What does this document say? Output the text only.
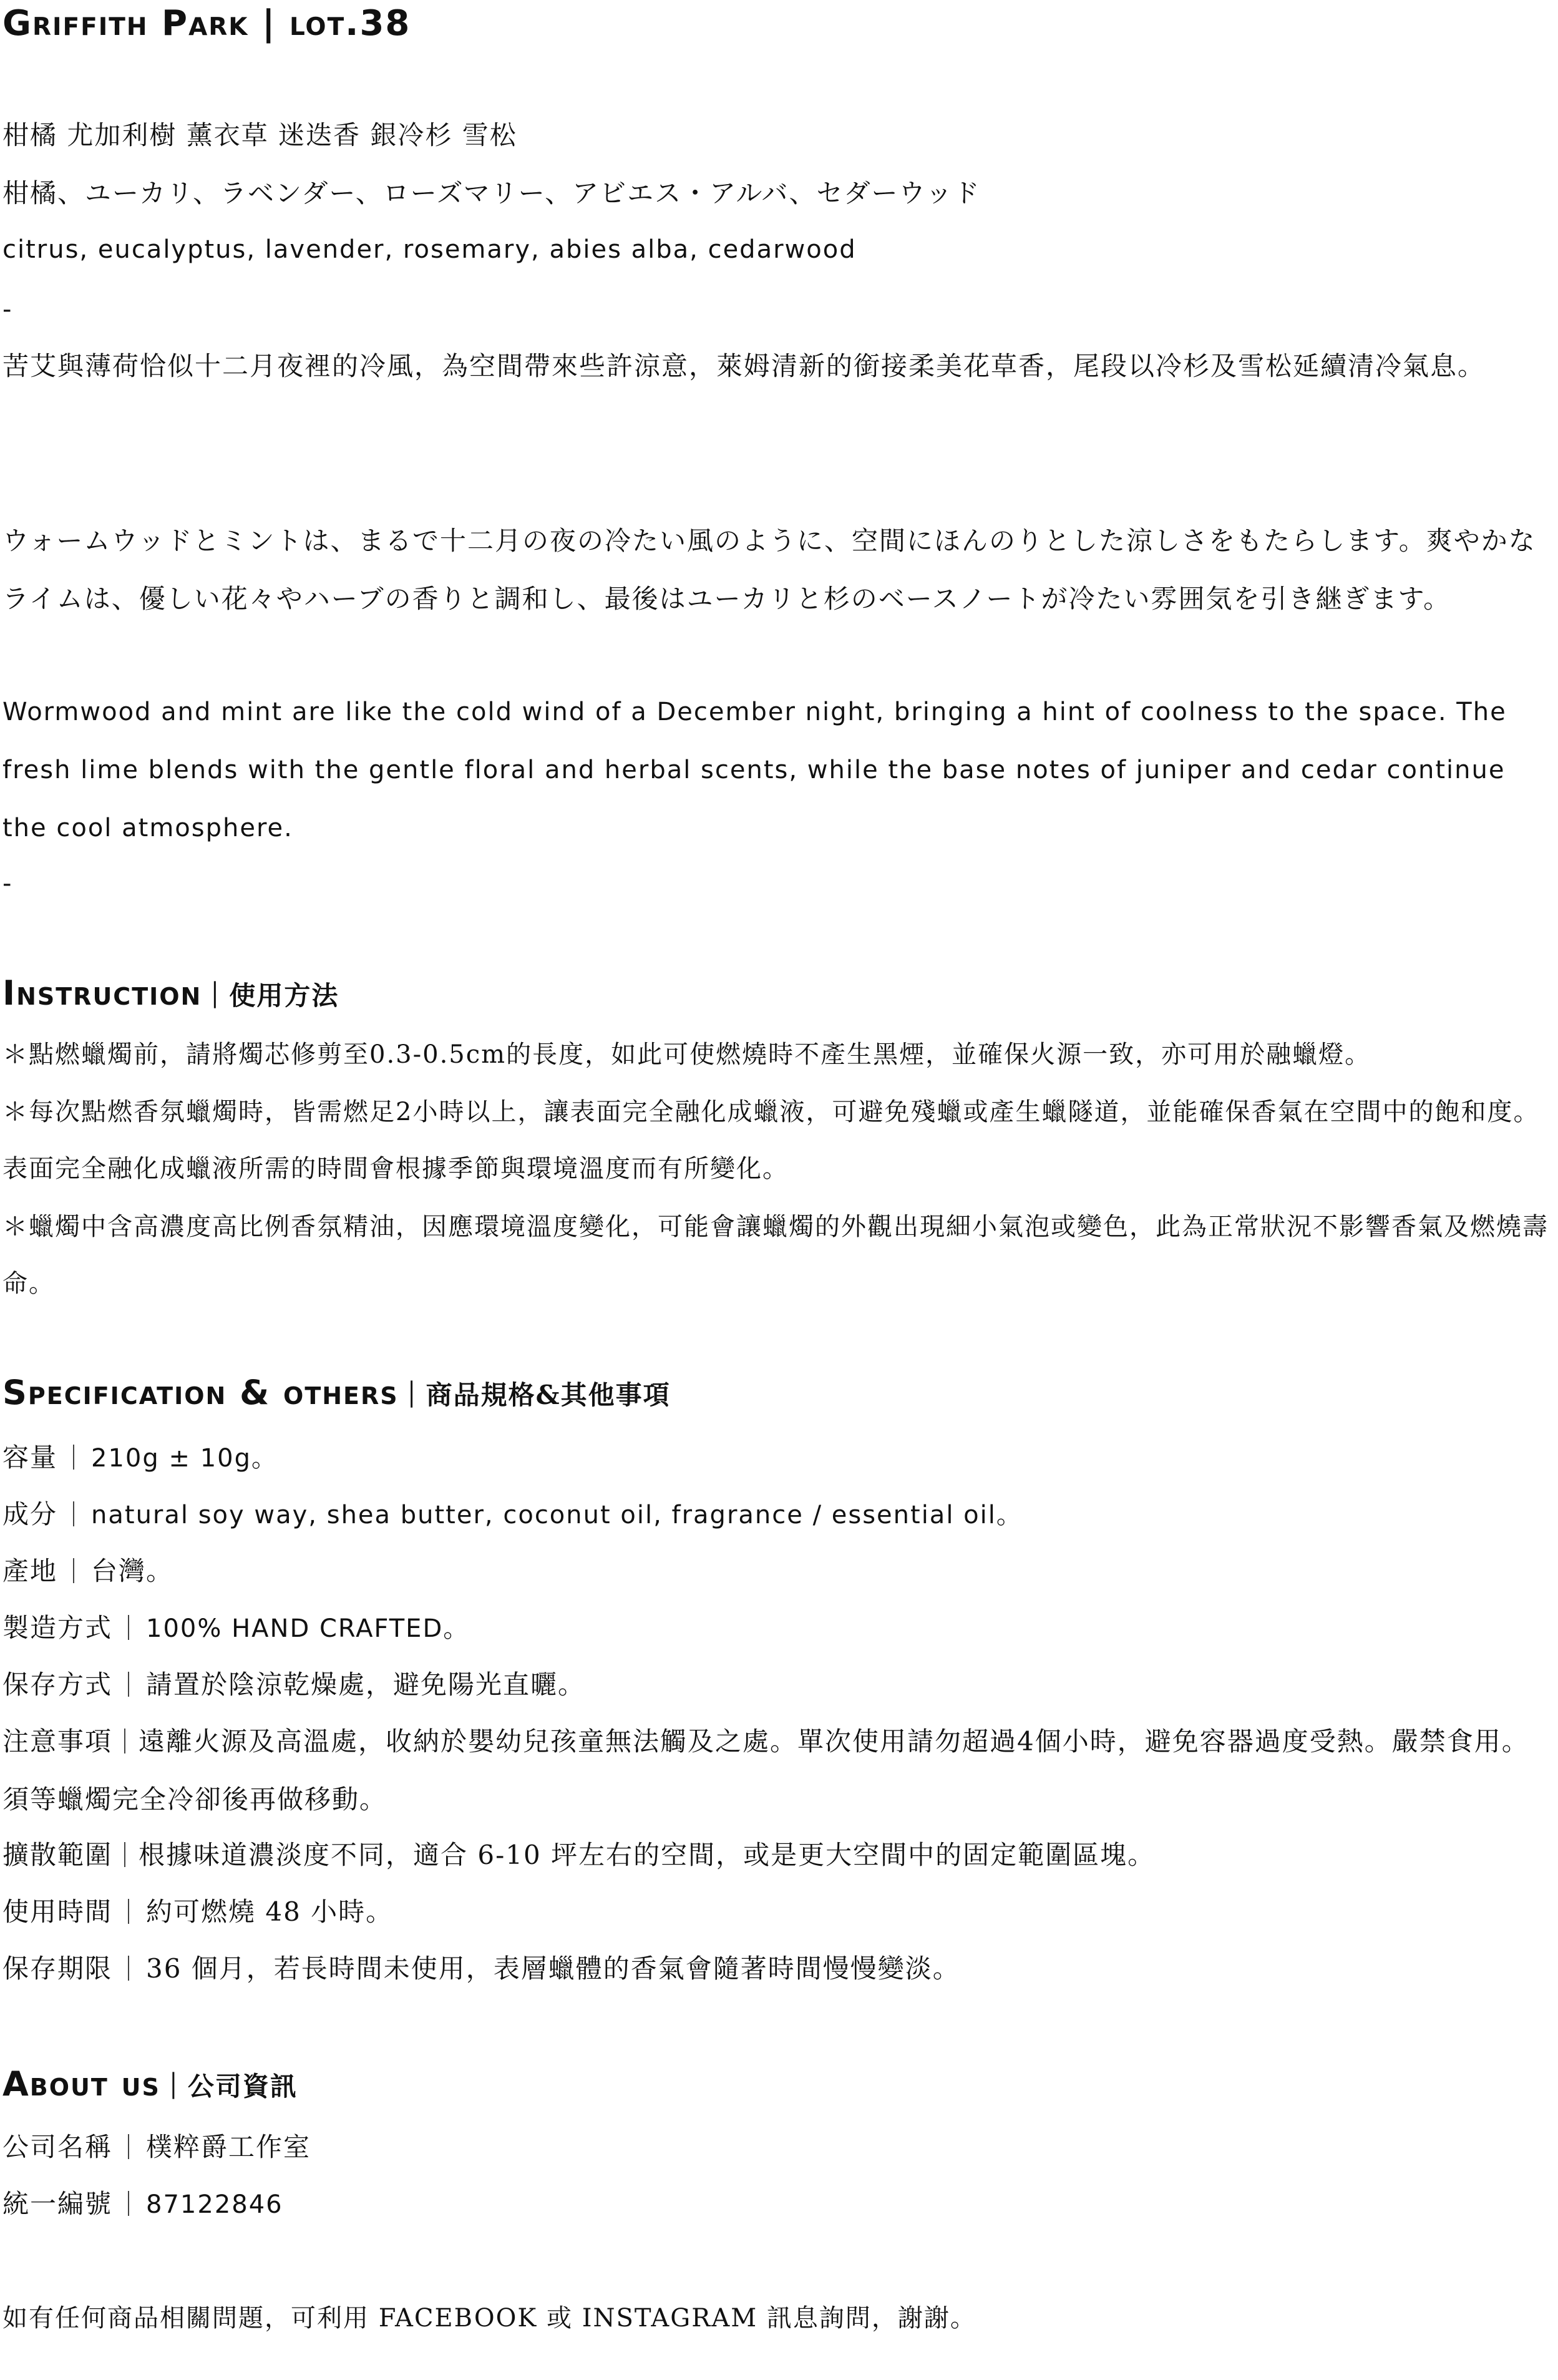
Griffith Park | lot.38

柑橘 尤加利樹 薰衣草 迷迭香 銀冷杉 雪松

柑橘、ユーカリ、ラベンダー、ローズマリー、アビエス・アルバ、セダーウッド

citrus, eucalyptus, lavender, rosemary, abies alba, cedarwood

-

苦艾與薄荷恰似十二月夜裡的冷風，為空間帶來些許涼意，萊姆清新的銜接柔美花草香，尾段以冷杉及雪松延續清冷氣息。

ウォームウッドとミントは、まるで十二月の夜の冷たい風のように、空間にほんのりとした涼しさをもたらします。爽やかなライムは、優しい花々やハーブの香りと調和し、最後はユーカリと杉のベースノートが冷たい雰囲気を引き継ぎます。

Wormwood and mint are like the cold wind of a December night, bringing a hint of coolness to the space. The fresh lime blends with the gentle floral and herbal scents, while the base notes of juniper and cedar continue the cool atmosphere.

-

Instruction｜使用方法

＊點燃蠟燭前，請將燭芯修剪至0.3-0.5cm的長度，如此可使燃燒時不產生黑煙，並確保火源一致，亦可用於融蠟燈。

＊每次點燃香氛蠟燭時，皆需燃足2小時以上，讓表面完全融化成蠟液，可避免殘蠟或產生蠟隧道，並能確保香氣在空間中的飽和度。表面完全融化成蠟液所需的時間會根據季節與環境溫度而有所變化。

＊蠟燭中含高濃度高比例香氛精油，因應環境溫度變化，可能會讓蠟燭的外觀出現細小氣泡或變色，此為正常狀況不影響香氣及燃燒壽命。

Specification & others｜商品規格&其他事項

容量 ｜ 210g ± 10g。

成分 ｜ natural soy way, shea butter, coconut oil, fragrance / essential oil。

產地 ｜ 台灣。

製造方式 ｜ 100% HAND CRAFTED。

保存方式 ｜ 請置於陰涼乾燥處，避免陽光直曬。

注意事項｜遠離火源及高溫處，收納於嬰幼兒孩童無法觸及之處。單次使用請勿超過4個小時，避免容器過度受熱。嚴禁食用。須等蠟燭完全冷卻後再做移動。

擴散範圍｜根據味道濃淡度不同，適合 6-10 坪左右的空間，或是更大空間中的固定範圍區塊。

使用時間 ｜ 約可燃燒 48 小時。

保存期限 ｜ 36 個月，若長時間未使用，表層蠟體的香氣會隨著時間慢慢變淡。

About us｜公司資訊

公司名稱 ｜ 樸粹爵工作室

統一編號 ｜ 87122846

如有任何商品相關問題，可利用 FACEBOOK 或 INSTAGRAM 訊息詢問，謝謝。
